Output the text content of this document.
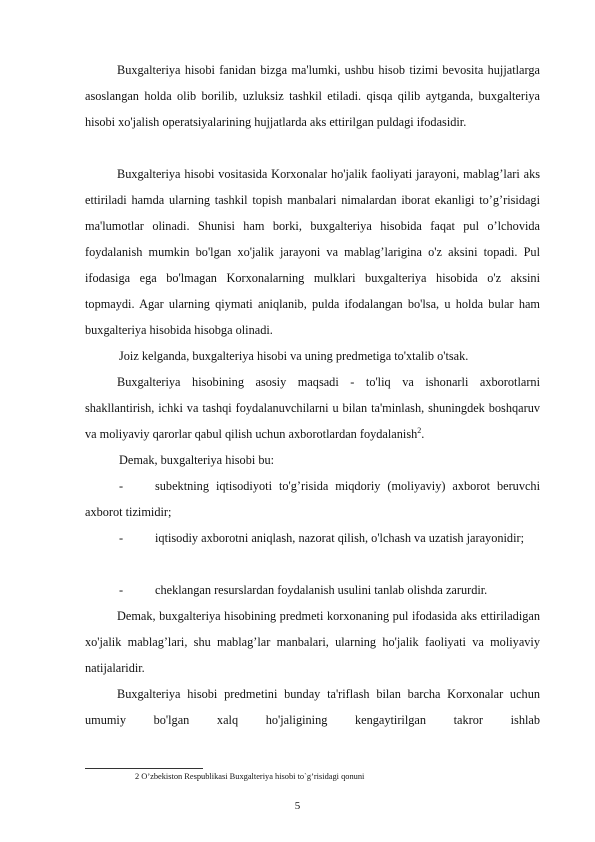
Buxgalteriya hisobi fanidan bizga ma'lumki, ushbu hisob tizimi bevosita hujjatlarga asoslangan holda olib borilib, uzluksiz tashkil etiladi. qisqa qilib aytganda, buxgalteriya hisobi xo'jalish operatsiyalarining hujjatlarda aks ettirilgan puldagi ifodasidir.

Buxgalteriya hisobi vositasida Korxonalar ho'jalik faoliyati jarayoni, mablag’lari aks ettiriladi hamda ularning tashkil topish manbalari nimalardan iborat ekanligi to’g’risidagi ma'lumotlar olinadi. Shunisi ham borki, buxgalteriya hisobida faqat pul o’lchovida foydalanish mumkin bo'lgan xo'jalik jarayoni va mablag’larigina o'z aksini topadi. Pul ifodasiga ega bo'lmagan Korxonalarning mulklari buxgalteriya hisobida o'z aksini topmaydi. Agar ularning qiymati aniqlanib, pulda ifodalangan bo'lsa, u holda bular ham buxgalteriya hisobida hisobga olinadi.

Joiz kelganda, buxgalteriya hisobi va uning predmetiga to'xtalib o'tsak.

Buxgalteriya hisobining asosiy maqsadi - to'liq va ishonarli axborotlarni shakllantirish, ichki va tashqi foydalanuvchilarni u bilan ta'minlash, shuningdek boshqaruv va moliyaviy qarorlar qabul qilish uchun axborotlardan foydalanish$^2$.

Demak, buxgalteriya hisobi bu:

-	subektning iqtisodiyoti to'g’risida miqdoriy (moliyaviy) axborot beruvchi axborot tizimidir;
-	iqtisodiy axborotni aniqlash, nazorat qilish, o'lchash va uzatish jarayonidir;
-	cheklangan resurslardan foydalanish usulini tanlab olishda zarurdir.

Demak, buxgalteriya hisobining predmeti korxonaning pul ifodasida aks ettiriladigan xo'jalik mablag’lari, shu mablag’lar manbalari, ularning ho'jalik faoliyati va moliyaviy natijalaridir.

Buxgalteriya hisobi predmetini bunday ta'riflash bilan barcha Korxonalar uchun umumiy bo'lgan xalq ho'jaligining kengaytirilgan takror ishlab

2 O’zbekiston Respublikasi Buxgalteriya hisobi to`g’risidagi qonuni
5
